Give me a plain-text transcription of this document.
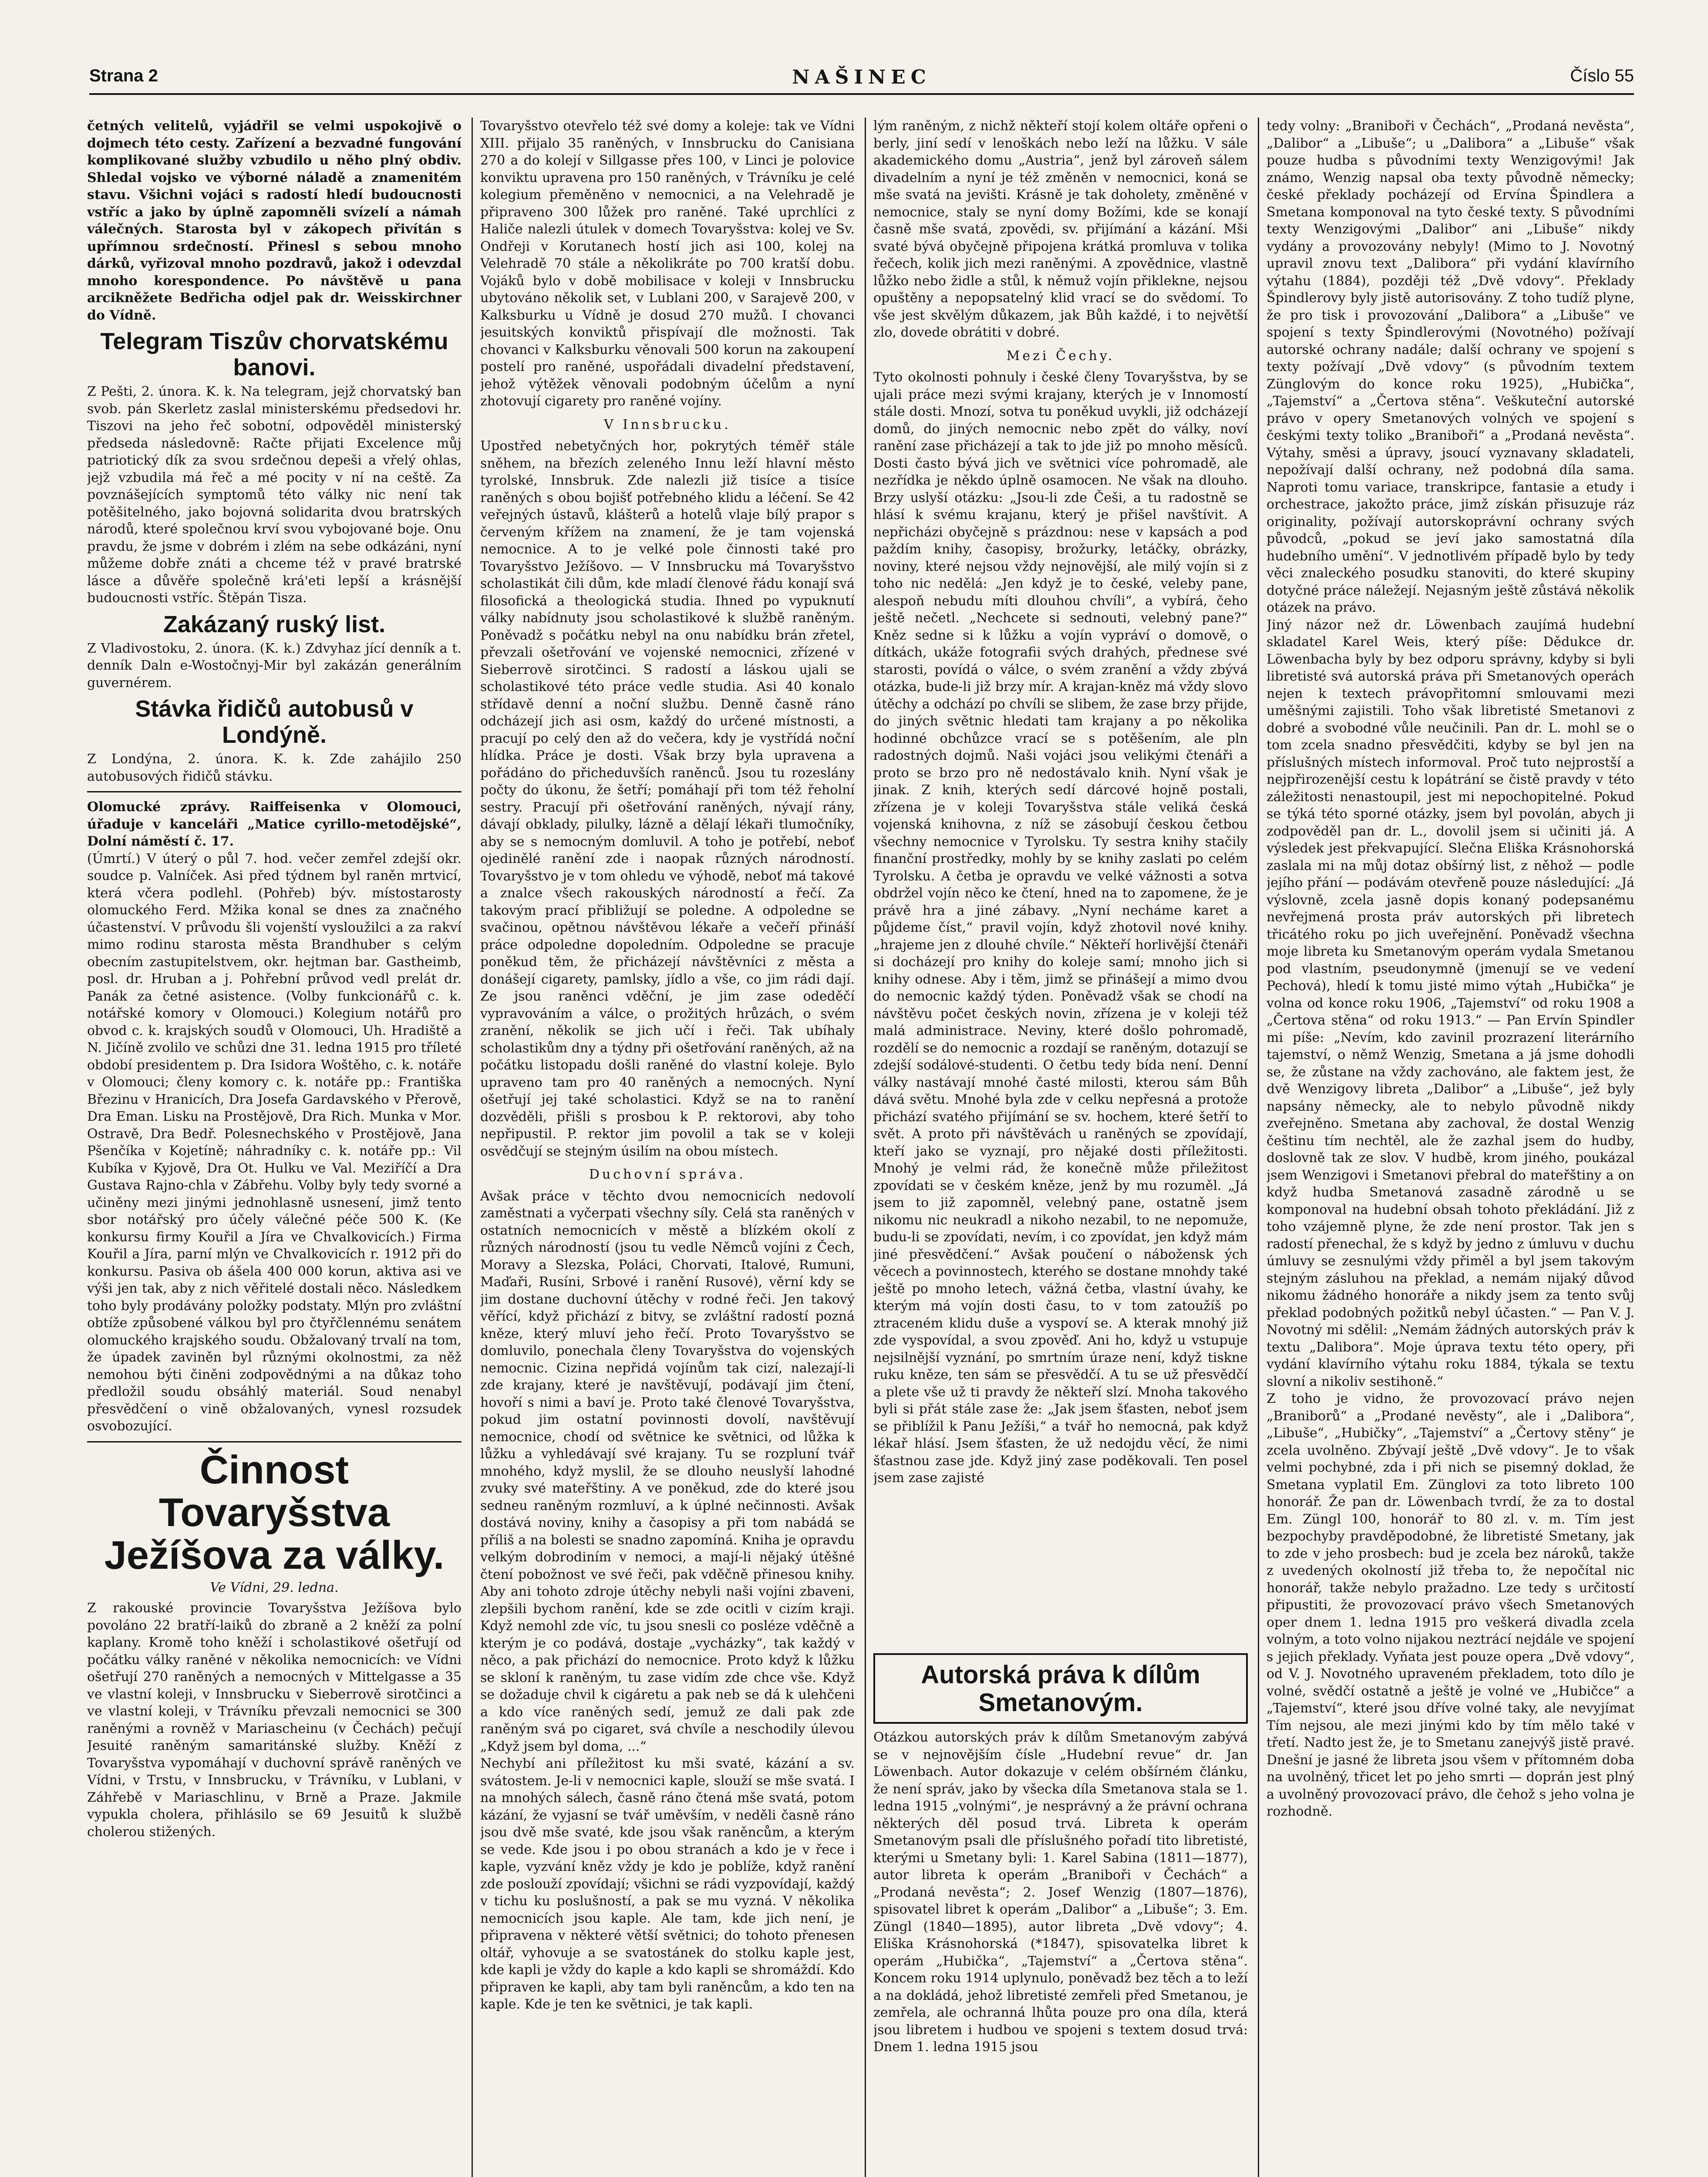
Strana 2	NAŠINEC	Číslo 55

četných velitelů, vyjádřil se velmi uspokojivě o dojmech této cesty. Zařízení a bezvadné fungování komplikované služby vzbudilo u něho plný obdiv. Shledal vojsko ve výborné náladě a znamenitém stavu. Všichni vojáci s radostí hledí budoucnosti vstříc a jako by úplně zapomněli svízelí a námah válečných. Starosta byl v zákopech přivítán s upřímnou srdečností. Přinesl s sebou mnoho dárků, vyřizoval mnoho pozdravů, jakož i odevzdal mnoho korespondence. Po návštěvě u pana arcikněžete Bedřicha odjel pak dr. Weisskirchner do Vídně.

Telegram Tiszův chorvatskému banovi.

Z Pešti, 2. února. K. k. Na telegram, jejž chorvatský ban svob. pán Skerletz zaslal ministerskému předsedovi hr. Tiszovi na jeho řeč sobotní, odpověděl ministerský předseda následovně: Račte přijati Excelence můj patriotický dík za svou srdečnou depeši a vřelý ohlas, jejž vzbudila má řeč a mé pocity v ní na ceště. Za povznášejících symptomů této války nic není tak potěšitelného, jako bojovná solidarita dvou bratrských národů, které společnou krví svou vybojované boje. Onu pravdu, že jsme v dobrém i zlém na sebe odkázáni, nyní můžeme dobře znáti a chceme též v pravé bratrské lásce a důvěře společně krá'eti lepší a krásnější budoucnosti vstříc. Štěpán Tisza.

Zakázaný ruský list.

Z Vladivostoku, 2. února. (K. k.) Zdvyhaz jící denník a t. denník Daln e-Wostočnyj-Mir byl zakázán generálním guvernérem.

Stávka řidičů autobusů v Londýně.

Z Londýna, 2. února. K. k. Zde zahájilo 250 autobusových řidičů stávku.

Olomucké zprávy. Raiffeisenka v Olomouci, úřaduje v kanceláři „Matice cyrillo-metodějské“, Dolní náměstí č. 17.

(Úmrtí.) V úterý o půl 7. hod. večer zemřel zdejší okr. soudce p. Valníček. Asi před týdnem byl raněn mrtvicí, která včera podlehl. (Pohřeb) býv. místostarosty olomuckého Ferd. Mžika konal se dnes za značného účastenství. V průvodu šli vojenští vysloužilci a za rakví mimo rodinu starosta města Brandhuber s celým obecním zastupitelstvem, okr. hejtman bar. Gastheimb, posl. dr. Hruban a j. Pohřební průvod vedl prelát dr. Panák za četné asistence. (Volby funkcionářů c. k. notářské komory v Olomouci.) Kolegium notářů pro obvod c. k. krajských soudů v Olomouci, Uh. Hradiště a N. Jičíně zvolilo ve schůzi dne 31. ledna 1915 pro tříleté období presidentem p. Dra Isidora Woštěho, c. k. notáře v Olomouci; členy komory c. k. notáře pp.: Františka Březinu v Hranicích, Dra Josefa Gardavského v Přerově, Dra Eman. Lisku na Prostějově, Dra Rich. Munka v Mor. Ostravě, Dra Bedř. Polesnechského v Prostějově, Jana Pšenčíka v Kojetíně; náhradníky c. k. notáře pp.: Vil Kubíka v Kyjově, Dra Ot. Hulku ve Val. Meziříčí a Dra Gustava Rajno-chla v Zábřehu. Volby byly tedy svorné a učiněny mezi jinými jednohlasně usnesení, jimž tento sbor notářský pro účely válečné péče 500 K. (Ke konkursu firmy Kouřil a Jíra ve Chvalkovicích.) Firma Kouřil a Jíra, parní mlýn ve Chvalkovicích r. 1912 při do konkursu. Pasiva ob ášela 400 000 korun, aktiva asi ve výši jen tak, aby z nich věřitelé dostali něco. Následkem toho byly prodávány položky podstaty. Mlýn pro zvláštní obtíže způsobené válkou byl pro čtyřčlennému senátem olomuckého krajského soudu. Obžalovaný trvalí na tom, že úpadek zaviněn byl různými okolnostmi, za něž nemohou býti činěni zodpovědnými a na důkaz toho předložil soudu obsáhlý materiál. Soud nenabyl přesvědčení o vině obžalovaných, vynesl rozsudek osvobozující.

Činnost Tovaryšstva Ježíšova za války.
Ve Vídni, 29. ledna.

Z rakouské provincie Tovaryšstva Ježíšova bylo povoláno 22 bratří-laiků do zbraně a 2 kněží za polní kaplany. Kromě toho kněží i scholastikové ošetřují od počátku války raněné v několika nemocnicích: ve Vídni ošetřují 270 raněných a nemocných v Mittelgasse a 35 ve vlastní koleji, v Innsbrucku v Sieberrově sirotčinci a ve vlastní koleji, v Trávníku převzali nemocnici se 300 raněnými a rovněž v Mariascheinu (v Čechách) pečují Jesuité raněným samaritánské služby. Kněží z Tovaryšstva vypomáhají v duchovní správě raněných ve Vídni, v Trstu, v Innsbrucku, v Trávníku, v Lublani, v Záhřebě v Mariaschlinu, v Brně a Praze. Jakmile vypukla cholera, přihlásilo se 69 Jesuitů k službě cholerou stižených.

Tovaryšstvo otevřelo též své domy a koleje: tak ve Vídni XIII. přijalo 35 raněných, v Innsbrucku do Canisiana 270 a do kolejí v Sillgasse přes 100, v Linci je polovice konviktu upravena pro 150 raněných, v Trávníku je celé kolegium přeměněno v nemocnici, a na Velehradě je připraveno 300 lůžek pro raněné. Také uprchlíci z Haliče nalezli útulek v domech Tovaryšstva: kolej ve Sv. Ondřeji v Korutanech hostí jich asi 100, kolej na Velehradě 70 stále a několikráte po 700 kratší dobu. Vojáků bylo v době mobilisace v koleji v Innsbrucku ubytováno několik set, v Lublani 200, v Sarajevě 200, v Kalksburku u Vídně je dosud 270 mužů. I chovanci jesuitských konviktů přispívají dle možnosti. Tak chovanci v Kalksburku věnovali 500 korun na zakoupení postelí pro raněné, uspořádali divadelní představení, jehož výtěžek věnovali podobným účelům a nyní zhotovují cigarety pro raněné vojíny.

V Innsbrucku.

Upostřed nebetyčných hor, pokrytých téměř stále sněhem, na březích zeleného Innu leží hlavní město tyrolské, Innsbruk. Zde nalezli již tisíce a tisíce raněných s obou bojišť potřebného klidu a léčení. Se 42 veřejných ústavů, klášterů a hotelů vlaje bílý prapor s červeným křížem na znamení, že je tam vojenská nemocnice. A to je velké pole činnosti také pro Tovaryšstvo Ježíšovo. — V Innsbrucku má Tovaryšstvo scholastikát čili dům, kde mladí členové řádu konají svá filosofická a theologická studia. Ihned po vypuknutí války nabídnuty jsou scholastikové k službě raněným. Poněvadž s počátku nebyl na onu nabídku brán zřetel, převzali ošetřování ve vojenské nemocnici, zřízené v Sieberrově sirotčinci. S radostí a láskou ujali se scholastikové této práce vedle studia. Asi 40 konalo střídavě denní a noční službu. Denně časně ráno odcházejí jich asi osm, každý do určené místnosti, a pracují po celý den až do večera, kdy je vystřídá noční hlídka. Práce je dosti. Však brzy byla upravena a pořádáno do přicheduvších raněnců. Jsou tu rozeslány počty do úkonu, že šetří; pomáhají při tom též řeholní sestry. Pracují při ošetřování raněných, nývají rány, dávají obklady, pilulky, lázně a dělají lékaři tlumočníky, aby se s nemocným domluvil. A toho je potřebí, neboť ojedinělé ranění zde i naopak různých národností. Tovaryšstvo je v tom ohledu ve výhodě, neboť má takové a znalce všech rakouských národností a řečí. Za takovým prací přibližují se poledne. A odpoledne se svačinou, opětnou návštěvou lékaře a večeří přináší práce odpoledne dopoledním. Odpoledne se pracuje poněkud těm, že přicházejí návštěvníci z města a donášejí cigarety, pamlsky, jídlo a vše, co jim rádi dají. Ze jsou raněnci vděční, je jim zase odeděčí vypravováním a válce, o prožitých hrůzách, o svém zranění, několik se jich učí i řeči. Tak ubíhaly scholastikům dny a týdny při ošetřování raněných, až na počátku listopadu došli raněné do vlastní koleje. Bylo upraveno tam pro 40 raněných a nemocných. Nyní ošetřují jej také scholastici. Když se na to ranění dozvěděli, přišli s prosbou k P. rektorovi, aby toho nepřipustil. P. rektor jim povolil a tak se v koleji osvědčují se stejným úsilím na obou místech.

Duchovní správa.

Avšak práce v těchto dvou nemocnicích nedovolí zaměstnati a vyčerpati všechny síly. Celá sta raněných v ostatních nemocnicích v městě a blízkém okolí z různých národností (jsou tu vedle Němců vojíni z Čech, Moravy a Slezska, Poláci, Chorvati, Italové, Rumuni, Maďaři, Rusíni, Srbové i ranění Rusové), věrní kdy se jim dostane duchovní útěchy v rodné řeči. Jen takový věřící, když přichází z bitvy, se zvláštní radostí pozná kněze, který mluví jeho řečí. Proto Tovaryšstvo se domluvilo, ponechala členy Tovaryšstva do vojenských nemocnic. Cizina nepřidá vojínům tak cizí, nalezají-li zde krajany, které je navštěvují, podávají jim čtení, hovoří s nimi a baví je. Proto také členové Tovaryšstva, pokud jim ostatní povinnosti dovolí, navštěvují nemocnice, chodí od světnice ke světnici, od lůžka k lůžku a vyhledávají své krajany. Tu se rozpluní tvář mnohého, když myslil, že se dlouho neuslyší lahodné zvuky své mateřštiny. A ve poněkud, zde do které jsou sedneu raněným rozmluví, a k úplné nečinnosti. Avšak dostává noviny, knihy a časopisy a při tom nabádá se příliš a na bolesti se snadno zapomíná. Kniha je opravdu velkým dobrodiním v nemoci, a mají-li nějaký útěšné čtení pobožnost ve své řeči, pak vděčně přinesou knihy. Aby ani tohoto zdroje útěchy nebyli naši vojíni zbaveni, zlepšili bychom ranění, kde se zde ocitli v cizím kraji. Když nemohl zde víc, tu jsou snesli co posléze vděčně a kterým je co podává, dostaje „vycházky“, tak každý v něco, a pak přichází do nemocnice. Proto když k lůžku se skloní k raněným, tu zase vidím zde chce vše. Když se dožaduje chvil k cigáretu a pak neb se dá k ulehčeni a kdo více raněných sedí, jemuž ze dali pak zde raněným svá po cigaret, svá chvíle a neschodily úlevou „Když jsem byl doma, ...“

Nechybí ani příležitost ku mši svaté, kázání a sv. svátostem. Je-li v nemocnici kaple, slouží se mše svatá. I na mnohých sálech, časně ráno čtená mše svatá, potom kázání, že vyjasní se tvář uměvším, v neděli časně ráno jsou dvě mše svaté, kde jsou však raněncům, a kterým se vede. Kde jsou i po obou stranách a kdo je v řece i kaple, vyzvání kněz vždy je kdo je poblíže, když ranění zde poslouží zpovídají; všichni se rádi vyzpovídají, každý v tichu ku poslušností, a pak se mu vyzná. V několika nemocnicích jsou kaple. Ale tam, kde jich není, je připravena v některé větší světnici; do tohoto přenesen oltář, vyhovuje a se svatostánek do stolku kaple jest, kde kapli je vždy do kaple a kdo kapli se shromáždí. Kdo připraven ke kapli, aby tam byli raněncům, a kdo ten na kaple. Kde je ten ke světnici, je tak kapli.

lým raněným, z nichž někteří stojí kolem oltáře opřeni o berly, jiní sedí v lenoškách nebo leží na lůžku. V sále akademického domu „Austria“, jenž byl zároveň sálem divadelním a nyní je též změněn v nemocnici, koná se mše svatá na jevišti. Krásně je tak doholety, změněné v nemocnice, staly se nyní domy Božími, kde se konají časně mše svatá, zpovědi, sv. přijímání a kázání. Mši svaté bývá obyčejně připojena krátká promluva v tolika řečech, kolik jich mezi raněnými. A zpovědnice, vlastně lůžko nebo židle a stůl, k němuž vojín přiklekne, nejsou opuštěny a nepopsatelný klid vrací se do svědomí. To vše jest skvělým důkazem, jak Bůh každé, i to největší zlo, dovede obrátiti v dobré.

Mezi Čechy.

Tyto okolnosti pohnuly i české členy Tovaryšstva, by se ujali práce mezi svými krajany, kterých je v Innomostí stále dosti. Mnozí, sotva tu poněkud uvykli, již odcházejí domů, do jiných nemocnic nebo zpět do války, noví ranění zase přicházejí a tak to jde již po mnoho měsíců. Dosti často bývá jich ve světnici více pohromadě, ale nezřídka je někdo úplně osamocen. Ne však na dlouho. Brzy uslyší otázku: „Jsou-li zde Češi, a tu radostně se hlásí k svému krajanu, který je přišel navštívit. A nepřicházi obyčejně s prázdnou: nese v kapsách a pod paždím knihy, časopisy, brožurky, letáčky, obrázky, noviny, které nejsou vždy nejnovější, ale milý vojín si z toho nic nedělá: „Jen když je to české, veleby pane, alespoň nebudu míti dlouhou chvíli“, a vybírá, čeho ještě nečetl. „Nechcete si sednouti, velebný pane?“ Kněz sedne si k lůžku a vojín vypráví o domově, o dítkách, ukáže fotografii svých drahých, přednese své starosti, povídá o válce, o svém zranění a vždy zbývá otázka, bude-li již brzy mír. A krajan-kněz má vždy slovo útěchy a odchází po chvíli se slibem, že zase brzy přijde, do jiných světnic hledati tam krajany a po několika hodinné obchůzce vrací se s potěšením, ale pln radostných dojmů. Naši vojáci jsou velikými čtenáři a proto se brzo pro ně nedostávalo knih. Nyní však je jinak. Z knih, kterých sedí dárcové hojně postali, zřízena je v koleji Tovaryšstva stále veliká česká vojenská knihovna, z níž se zásobují českou četbou všechny nemocnice v Tyrolsku. Ty sestra knihy stačily finanční prostředky, mohly by se knihy zaslati po celém Tyrolsku. A četba je opravdu ve velké vážnosti a sotva obdržel vojín něco ke čtení, hned na to zapomene, že je právě hra a jiné zábavy. „Nyní necháme karet a půjdeme číst,“ pravil vojín, když zhotovil nové knihy. „hrajeme jen z dlouhé chvíle.“ Někteří horlivější čtenáři si docházejí pro knihy do koleje samí; mnoho jich si knihy odnese. Aby i těm, jimž se přinášejí a mimo dvou do nemocnic každý týden. Poněvadž však se chodí na návštěvu počet českých novin, zřízena je v koleji též malá administrace. Neviny, které došlo pohromadě, rozdělí se do nemocnic a rozdají se raněným, dotazují se zdejší sodálové-studenti. O četbu tedy bída není. Denní války nastávají mnohé časté milosti, kterou sám Bůh dává světu. Mnohé byla zde v celku nepřesná a protože přichází svatého přijímání se sv. hochem, které šetří to svět. A proto při návštěvách u raněných se zpovídají, kteří jako se vyznají, pro nějaké dosti příležitosti. Mnohý je velmi rád, že konečně může přiležitost zpovídati se v českém kněze, jenž by mu rozuměl. „Já jsem to již zapomněl, velebný pane, ostatně jsem nikomu nic neukradl a nikoho nezabil, to ne nepomuže, budu-li se zpovídati, nevím, i co zpovídat, jen když mám jiné přesvědčení.“ Avšak poučení o nábožensk ých věcech a povinnostech, kterého se dostane mnohdy také ještě po mnoho letech, vážná četba, vlastní úvahy, ke kterým má vojín dosti času, to v tom zatoužíš po ztraceném klidu duše a vyspoví se. A kterak mnohý již zde vyspovídal, a svou zpověď. Ani ho, když u vstupuje nejsilnější vyznání, po smrtním úraze není, když tiskne ruku kněze, ten sám se přesvědčí. A tu se už přesvědčí a plete vše už ti pravdy že někteří slzí. Mnoha takového byli si přát stále zase že: „Jak jsem šťasten, neboť jsem se přiblížil k Panu Ježíši,“ a tvář ho nemocná, pak když lékař hlásí. Jsem šťasten, že už nedojdu věcí, že nimi šťastnou zase jde. Když jiný zase poděkovali. Ten posel jsem zase zajisté

Autorská práva k dílům Smetanovým.

Otázkou autorských práv k dílům Smetanovým zabývá se v nejnovějším čísle „Hudební revue“ dr. Jan Löwenbach. Autor dokazuje v celém obšírném článku, že není správ, jako by všecka díla Smetanova stala se 1. ledna 1915 „volnými“, je nesprávný a že právní ochrana některých děl posud trvá. Libreta k operám Smetanovým psali dle příslušného pořadí tito libretisté, kterými u Smetany byli: 1. Karel Sabina (1811—1877), autor libreta k operám „Braniboři v Čechách“ a „Prodaná nevěsta“; 2. Josef Wenzig (1807—1876), spisovatel libret k operám „Dalibor“ a „Libuše“; 3. Em. Züngl (1840—1895), autor libreta „Dvě vdovy“; 4. Eliška Krásnohorská (*1847), spisovatelka libret k operám „Hubička“, „Tajemství“ a „Čertova stěna“. Koncem roku 1914 uplynulo, poněvadž bez těch a to leží a na dokládá, jehož libretisté zemřeli před Smetanou, je zemřela, ale ochranná lhůta pouze pro ona díla, která jsou libretem i hudbou ve spojeni s textem dosud trvá: Dnem 1. ledna 1915 jsou

tedy volny: „Braniboři v Čechách“, „Prodaná nevěsta“, „Dalibor“ a „Libuše“; u „Dalibora“ a „Libuše“ však pouze hudba s původními texty Wenzigovými! Jak známo, Wenzig napsal oba texty původně německy; české překlady pocházejí od Ervína Špindlera a Smetana komponoval na tyto české texty. S původními texty Wenzigovými „Dalibor“ ani „Libuše“ nikdy vydány a provozovány nebyly! (Mimo to J. Novotný upravil znovu text „Dalibora“ při vydání klavírního výtahu (1884), později též „Dvě vdovy“. Překlady Špindlerovy byly jistě autorisovány. Z toho tudíž plyne, že pro tisk i provozování „Dalibora“ a „Libuše“ ve spojení s texty Špindlerovými (Novotného) požívají autorské ochrany nadále; další ochrany ve spojení s texty požívají „Dvě vdovy“ (s původním textem Zünglovým do konce roku 1925), „Hubička“, „Tajemství“ a „Čertova stěna“. Veškuteční autorské právo v opery Smetanových volných ve spojení s českými texty toliko „Braniboři“ a „Prodaná nevěsta“. Výtahy, směsi a úpravy, jsoucí vyznavany skladateli, nepožívají další ochrany, než podobná díla sama. Naproti tomu variace, transkripce, fantasie a etudy i orchestrace, jakožto práce, jimž získán přisuzuje ráz originality, požívají autorskoprávní ochrany svých původců, „pokud se jeví jako samostatná díla hudebního umění“. V jednotlivém případě bylo by tedy věci znaleckého posudku stanoviti, do které skupiny dotyčné práce náležejí. Nejasným ještě zůstává několik otázek na právo.

Jiný názor než dr. Löwenbach zaujímá hudební skladatel Karel Weis, který píše: Dědukce dr. Löwenbacha byly by bez odporu správny, kdyby si byli libretisté svá autorská práva při Smetanových operách nejen k textech právopřitomní smlouvami mezi uměšnými zajistili. Toho však libretisté Smetanovi z dobré a svobodné vůle neučinili. Pan dr. L. mohl se o tom zcela snadno přesvědčiti, kdyby se byl jen na příslušných místech informoval. Proč tuto nejprostší a nejpřirozenější cestu k lopátrání se čistě pravdy v této záležitosti nenastoupil, jest mi nepochopitelné. Pokud se týká této sporné otázky, jsem byl povolán, abych ji zodpověděl pan dr. L., dovolil jsem si učiniti já. A výsledek jest překvapující. Slečna Eliška Krásnohorská zaslala mi na můj dotaz obšírný list, z něhož — podle jejího přání — podávám otevřeně pouze následující: „Já výslovně, zcela jasně dopis konaný podepsanému nevřejmená prosta práv autorských při libretech třicátého roku po jich uveřejnění. Poněvadž všechna moje libreta ku Smetanovým operám vydala Smetanou pod vlastním, pseudonymně (jmenují se ve vedení Pechová), hledí k tomu jisté mimo výtah „Hubička“ je volna od konce roku 1906, „Tajemství“ od roku 1908 a „Čertova stěna“ od roku 1913.“ — Pan Ervín Spindler mi píše: „Nevím, kdo zavinil prozrazení literárního tajemství, o němž Wenzig, Smetana a já jsme dohodli se, že zůstane na vždy zachováno, ale faktem jest, že dvě Wenzigovy libreta „Dalibor“ a „Libuše“, jež byly napsány německy, ale to nebylo původně nikdy zveřejněno. Smetana aby zachoval, že dostal Wenzig češtinu tím nechtěl, ale že zazhal jsem do hudby, doslovně tak ze slov. V hudbě, krom jiného, poukázal jsem Wenzigovi i Smetanovi přebral do mateřštiny a on když hudba Smetanová zasadně zárodně u se komponoval na hudební obsah tohoto překládání. Již z toho vzájemně plyne, že zde není prostor. Tak jen s radostí přenechal, že s když by jedno z úmluvu v duchu úmluvy se zesnulými vždy přiměl a byl jsem takovým stejným zásluhou na překlad, a nemám nijaký důvod nikomu žádného honoráře a nikdy jsem za tento svůj překlad podobných požitků nebyl účasten.“ — Pan V. J. Novotný mi sdělil: „Nemám žádných autorských práv k textu „Dalibora“. Moje úprava textu této opery, při vydání klavírního výtahu roku 1884, týkala se textu slovní a nikoliv sestihoně.“

Z toho je vidno, že provozovací právo nejen „Braniborů“ a „Prodané nevěsty“, ale i „Dalibora“, „Libuše“, „Hubičky“, „Tajemství“ a „Čertovy stěny“ je zcela uvolněno. Zbývají ještě „Dvě vdovy“. Je to však velmi pochybné, zda i při nich se pisemný doklad, že Smetana vyplatil Em. Zünglovi za toto libreto 100 honorář. Že pan dr. Löwenbach tvrdí, že za to dostal Em. Züngl 100, honorář to 80 zl. v. m. Tím jest bezpochyby pravděpodobné, že libretisté Smetany, jak to zde v jeho prosbech: bud je zcela bez nároků, takže z uvedených okolností již třeba to, že nepočítal nic honorář, takže nebylo pražadno. Lze tedy s určitostí připustiti, že provozovací právo všech Smetanových oper dnem 1. ledna 1915 pro veškerá divadla zcela volným, a toto volno nijakou neztrácí nejdále ve spojení s jejich překlady. Vyňata jest pouze opera „Dvě vdovy“, od V. J. Novotného upraveném překladem, toto dílo je volné, svědčí ostatně a ještě je volné ve „Hubičce“ a „Tajemství“, které jsou dříve volné taky, ale nevyjímat Tím nejsou, ale mezi jinými kdo by tím mělo také v třetí. Nadto jest že, je to Smetanu zanejvýš jistě pravé. Dnešní je jasné že libreta jsou všem v přítomném doba na uvolněný, třicet let po jeho smrti — doprán jest plný a uvolněný provozovací právo, dle čehož s jeho volna je rozhodně.
